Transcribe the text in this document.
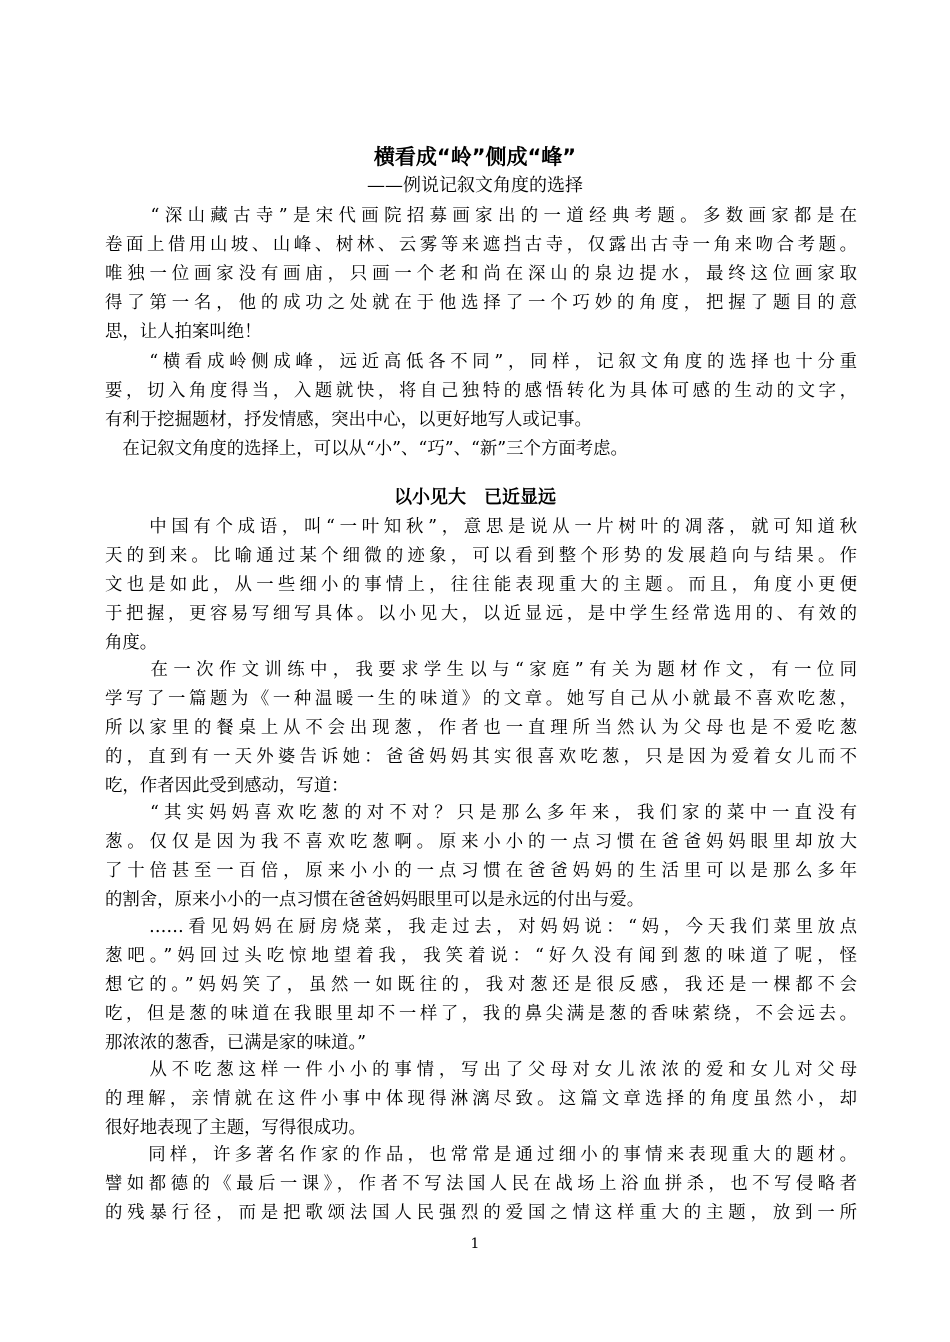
横看成“岭”侧成“峰”
——例说记叙文角度的选择
　　“深山藏古寺”是宋代画院招募画家出的一道经典考题。多数画家都是在
卷面上借用山坡、山峰、树林、云雾等来遮挡古寺，仅露出古寺一角来吻合考题。
唯独一位画家没有画庙，只画一个老和尚在深山的泉边提水，最终这位画家取
得了第一名，他的成功之处就在于他选择了一个巧妙的角度，把握了题目的意
思，让人拍案叫绝！
　　“横看成岭侧成峰，远近高低各不同”，同样，记叙文角度的选择也十分重
要，切入角度得当，入题就快，将自己独特的感悟转化为具体可感的生动的文字，
有利于挖掘题材，抒发情感，突出中心，以更好地写人或记事。
　在记叙文角度的选择上，可以从“小”、“巧”、“新”三个方面考虑。
以小见大　已近显远
　　中国有个成语，叫“一叶知秋”，意思是说从一片树叶的凋落，就可知道秋
天的到来。比喻通过某个细微的迹象，可以看到整个形势的发展趋向与结果。作
文也是如此，从一些细小的事情上，往往能表现重大的主题。而且，角度小更便
于把握，更容易写细写具体。以小见大，以近显远，是中学生经常选用的、有效的
角度。
　　在一次作文训练中，我要求学生以与“家庭”有关为题材作文，有一位同
学写了一篇题为《一种温暖一生的味道》的文章。她写自己从小就最不喜欢吃葱，
所以家里的餐桌上从不会出现葱，作者也一直理所当然认为父母也是不爱吃葱
的，直到有一天外婆告诉她：爸爸妈妈其实很喜欢吃葱，只是因为爱着女儿而不
吃，作者因此受到感动，写道：
　　“其实妈妈喜欢吃葱的对不对？只是那么多年来，我们家的菜中一直没有
葱。仅仅是因为我不喜欢吃葱啊。原来小小的一点习惯在爸爸妈妈眼里却放大
了十倍甚至一百倍，原来小小的一点习惯在爸爸妈妈的生活里可以是那么多年
的割舍，原来小小的一点习惯在爸爸妈妈眼里可以是永远的付出与爱。
　　……看见妈妈在厨房烧菜，我走过去，对妈妈说：“妈，今天我们菜里放点
葱吧。”妈回过头吃惊地望着我，我笑着说：“好久没有闻到葱的味道了呢，怪
想它的。”妈妈笑了，虽然一如既往的，我对葱还是很反感，我还是一棵都不会
吃，但是葱的味道在我眼里却不一样了，我的鼻尖满是葱的香味萦绕，不会远去。
那浓浓的葱香，已满是家的味道。”
　　从不吃葱这样一件小小的事情，写出了父母对女儿浓浓的爱和女儿对父母
的理解，亲情就在这件小事中体现得淋漓尽致。这篇文章选择的角度虽然小，却
很好地表现了主题，写得很成功。
　　同样，许多著名作家的作品，也常常是通过细小的事情来表现重大的题材。
譬如都德的《最后一课》，作者不写法国人民在战场上浴血拼杀，也不写侵略者
的残暴行径，而是把歌颂法国人民强烈的爱国之情这样重大的主题，放到一所
1
